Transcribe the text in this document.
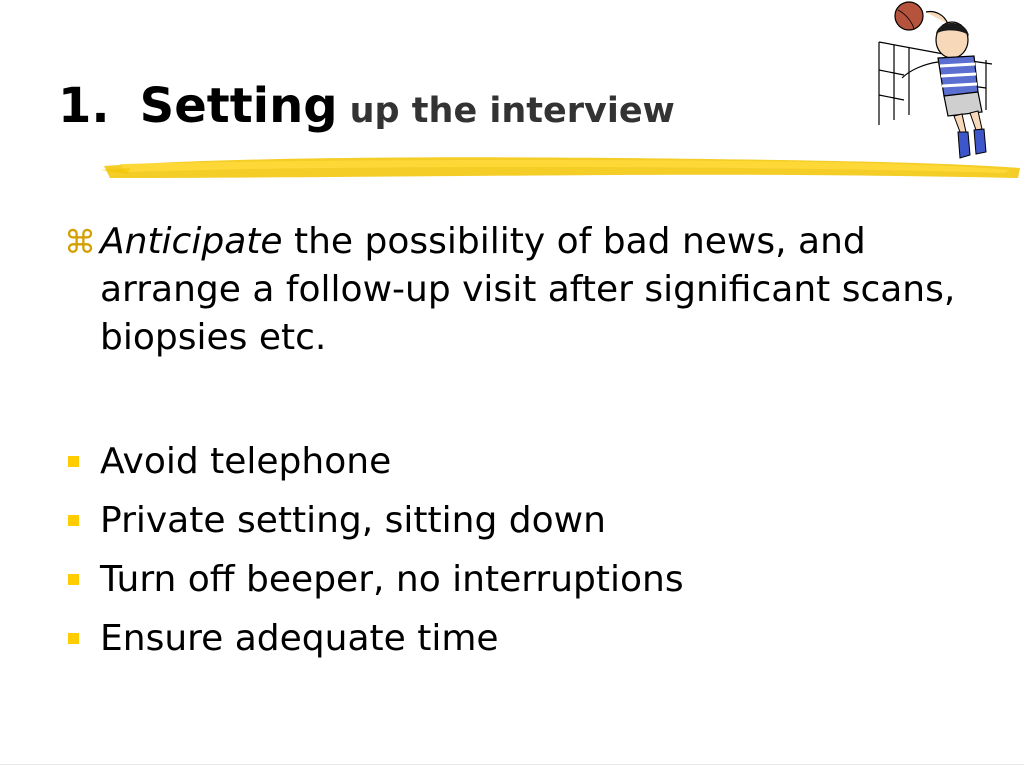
1. Setting up the interview
⌘ Anticipate the possibility of bad news, and arrange a follow-up visit after significant scans, biopsies etc.
Avoid telephone
Private setting, sitting down
Turn off beeper, no interruptions
Ensure adequate time
